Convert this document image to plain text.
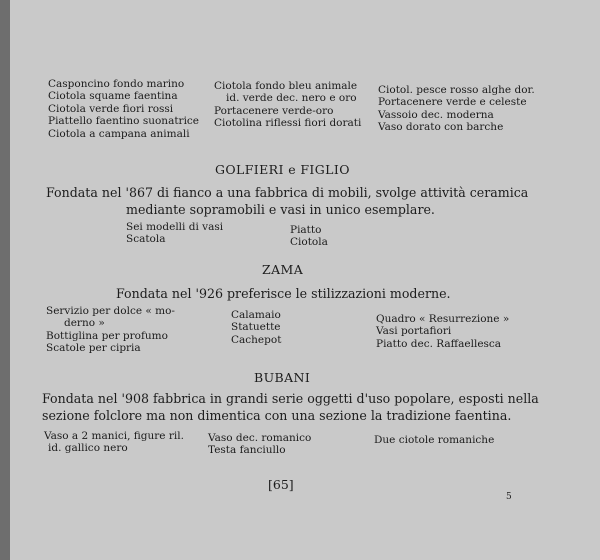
Casponcino fondo marino
Ciotola squame faentina
Ciotola verde fiori rossi
Piattello faentino suonatrice
Ciotola a campana animali
Ciotola fondo bleu animale
id. verde dec. nero e oro
Portacenere verde-oro
Ciotolina riflessi fiori dorati
Ciotol. pesce rosso alghe dor.
Portacenere verde e celeste
Vassoio dec. moderna
Vaso dorato con barche
GOLFIERI e FIGLIO
Fondata nel '867 di fianco a una fabbrica di mobili, svolge attività ceramica
mediante sopramobili e vasi in unico esemplare.
Sei modelli di vasi
Scatola
Piatto
Ciotola
ZAMA
Fondata nel '926 preferisce le stilizzazioni moderne.
Servizio per dolce « mo-
derno »
Bottiglina per profumo
Scatole per cipria
Calamaio
Statuette
Cachepot
Quadro « Resurrezione »
Vasi portafiori
Piatto dec. Raffaellesca
BUBANI
Fondata nel '908 fabbrica in grandi serie oggetti d'uso popolare, esposti nella
sezione folclore ma non dimentica con una sezione la tradizione faentina.
Vaso a 2 manici, figure ril.
id. gallico nero
Vaso dec. romanico
Testa fanciullo
Due ciotole romaniche
[65]
5
